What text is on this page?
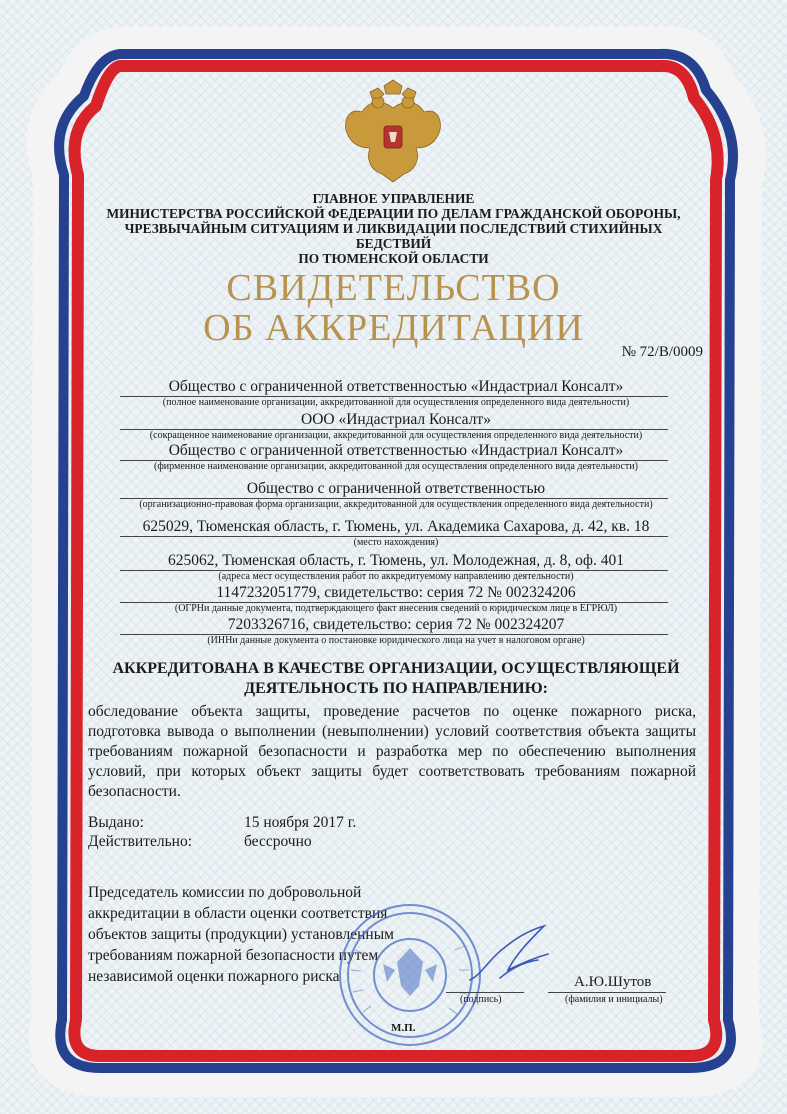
ГЛАВНОЕ УПРАВЛЕНИЕ
МИНИСТЕРСТВА РОССИЙСКОЙ ФЕДЕРАЦИИ ПО ДЕЛАМ ГРАЖДАНСКОЙ ОБОРОНЫ,
ЧРЕЗВЫЧАЙНЫМ СИТУАЦИЯМ И ЛИКВИДАЦИИ ПОСЛЕДСТВИЙ СТИХИЙНЫХ БЕДСТВИЙ
ПО ТЮМЕНСКОЙ ОБЛАСТИ
СВИДЕТЕЛЬСТВО
ОБ АККРЕДИТАЦИИ
№ 72/В/0009
Общество с ограниченной ответственностью «Индастриал Консалт»
(полное наименование организации, аккредитованной для осуществления определенного вида деятельности)
ООО «Индастриал Консалт»
(сокращенное наименование организации, аккредитованной для осуществления определенного вида деятельности)
Общество с ограниченной ответственностью «Индастриал Консалт»
(фирменное наименование организации, аккредитованной для осуществления определенного вида деятельности)
Общество с ограниченной ответственностью
(организационно-правовая форма организации, аккредитованной для осуществления определенного вида деятельности)
625029, Тюменская область, г. Тюмень, ул. Академика Сахарова, д. 42, кв. 18
(место нахождения)
625062, Тюменская область, г. Тюмень, ул. Молодежная, д. 8, оф. 401
(адреса мест осуществления работ по аккредитуемому направлению деятельности)
1147232051779, свидетельство: серия 72 № 002324206
(ОГРНи данные документа, подтверждающего факт внесения сведений о юридическом лице в ЕГРЮЛ)
7203326716, свидетельство: серия 72 № 002324207
(ИННи данные документа о постановке юридического лица на учет в налоговом органе)
АККРЕДИТОВАНА В КАЧЕСТВЕ ОРГАНИЗАЦИИ, ОСУЩЕСТВЛЯЮЩЕЙ
ДЕЯТЕЛЬНОСТЬ ПО НАПРАВЛЕНИЮ:
обследование объекта защиты, проведение расчетов по оценке пожарного риска, подготовка вывода о выполнении (невыполнении) условий соответствия объекта защиты требованиям пожарной безопасности и разработка мер по обеспечению выполнения условий, при которых объект защиты будет соответствовать требованиям пожарной безопасности.
Выдано:	15 ноября 2017 г.
Действительно:	бессрочно
Председатель комиссии по добровольной
аккредитации в области оценки соответствия
объектов защиты (продукции) установленным
требованиям пожарной безопасности путем
независимой оценки пожарного риска
М.П.
(подпись)
А.Ю.Шутов
(фамилия и инициалы)
